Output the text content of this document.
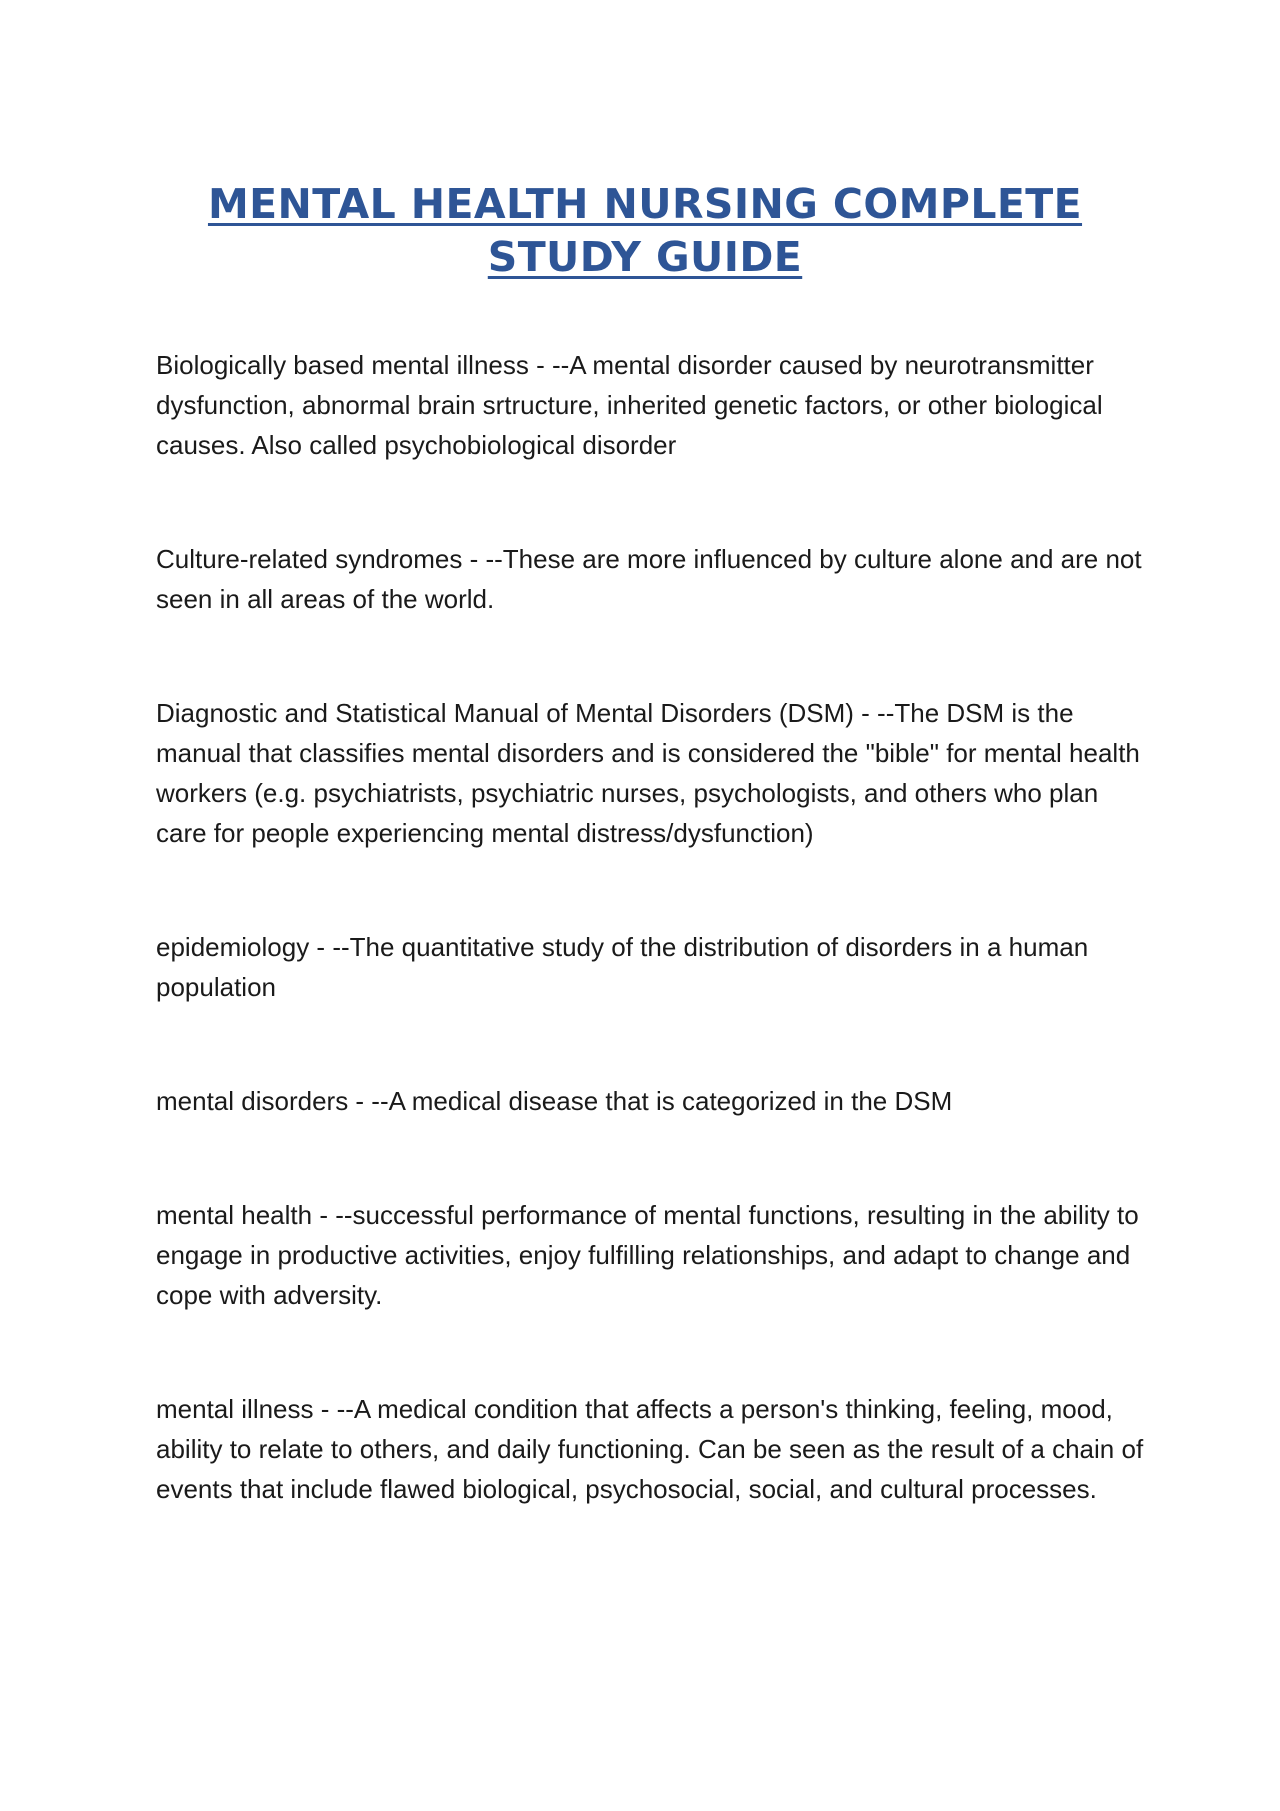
MENTAL HEALTH NURSING COMPLETE STUDY GUIDE

Biologically based mental illness - --A mental disorder caused by neurotransmitter dysfunction, abnormal brain srtructure, inherited genetic factors, or other biological causes. Also called psychobiological disorder

Culture-related syndromes - --These are more influenced by culture alone and are not seen in all areas of the world.

Diagnostic and Statistical Manual of Mental Disorders (DSM) - --The DSM is the manual that classifies mental disorders and is considered the "bible" for mental health workers (e.g. psychiatrists, psychiatric nurses, psychologists, and others who plan care for people experiencing mental distress/dysfunction)

epidemiology - --The quantitative study of the distribution of disorders in a human population

mental disorders - --A medical disease that is categorized in the DSM

mental health - --successful performance of mental functions, resulting in the ability to engage in productive activities, enjoy fulfilling relationships, and adapt to change and cope with adversity.

mental illness - --A medical condition that affects a person's thinking, feeling, mood, ability to relate to others, and daily functioning. Can be seen as the result of a chain of events that include flawed biological, psychosocial, social, and cultural processes.
